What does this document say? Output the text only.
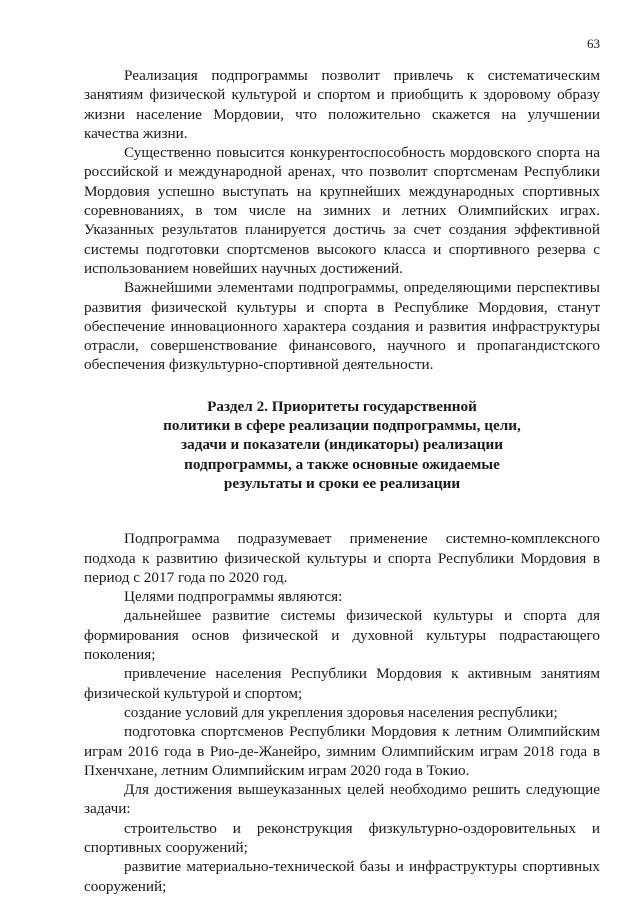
63

Реализация подпрограммы позволит привлечь к систематическим занятиям физической культурой и спортом и приобщить к здоровому образу жизни население Мордовии, что положительно скажется на улучшении качества жизни.

Существенно повысится конкурентоспособность мордовского спорта на российской и международной аренах, что позволит спортсменам Республики Мордовия успешно выступать на крупнейших международных спортивных соревнованиях, в том числе на зимних и летних Олимпийских играх. Указанных результатов планируется достичь за счет создания эффективной системы подготовки спортсменов высокого класса и спортивного резерва с использованием новейших научных достижений.

Важнейшими элементами подпрограммы, определяющими перспективы развития физической культуры и спорта в Республике Мордовия, станут обеспечение инновационного характера создания и развития инфраструктуры отрасли, совершенствование финансового, научного и пропагандистского обеспечения физкультурно-спортивной деятельности.

Раздел 2. Приоритеты государственной
политики в сфере реализации подпрограммы, цели,
задачи и показатели (индикаторы) реализации
подпрограммы, а также основные ожидаемые
результаты и сроки ее реализации

Подпрограмма подразумевает применение системно-комплексного подхода к развитию физической культуры и спорта Республики Мордовия в период с 2017 года по 2020 год.

Целями подпрограммы являются:

дальнейшее развитие системы физической культуры и спорта для формирования основ физической и духовной культуры подрастающего поколения;

привлечение населения Республики Мордовия к активным занятиям физической культурой и спортом;

создание условий для укрепления здоровья населения республики;

подготовка спортсменов Республики Мордовия к летним Олимпийским играм 2016 года в Рио-де-Жанейро, зимним Олимпийским играм 2018 года в Пхенчхане, летним Олимпийским играм 2020 года в Токио.

Для достижения вышеуказанных целей необходимо решить следующие задачи:

строительство и реконструкция физкультурно-оздоровительных и спортивных сооружений;

развитие материально-технической базы и инфраструктуры спортивных сооружений;
